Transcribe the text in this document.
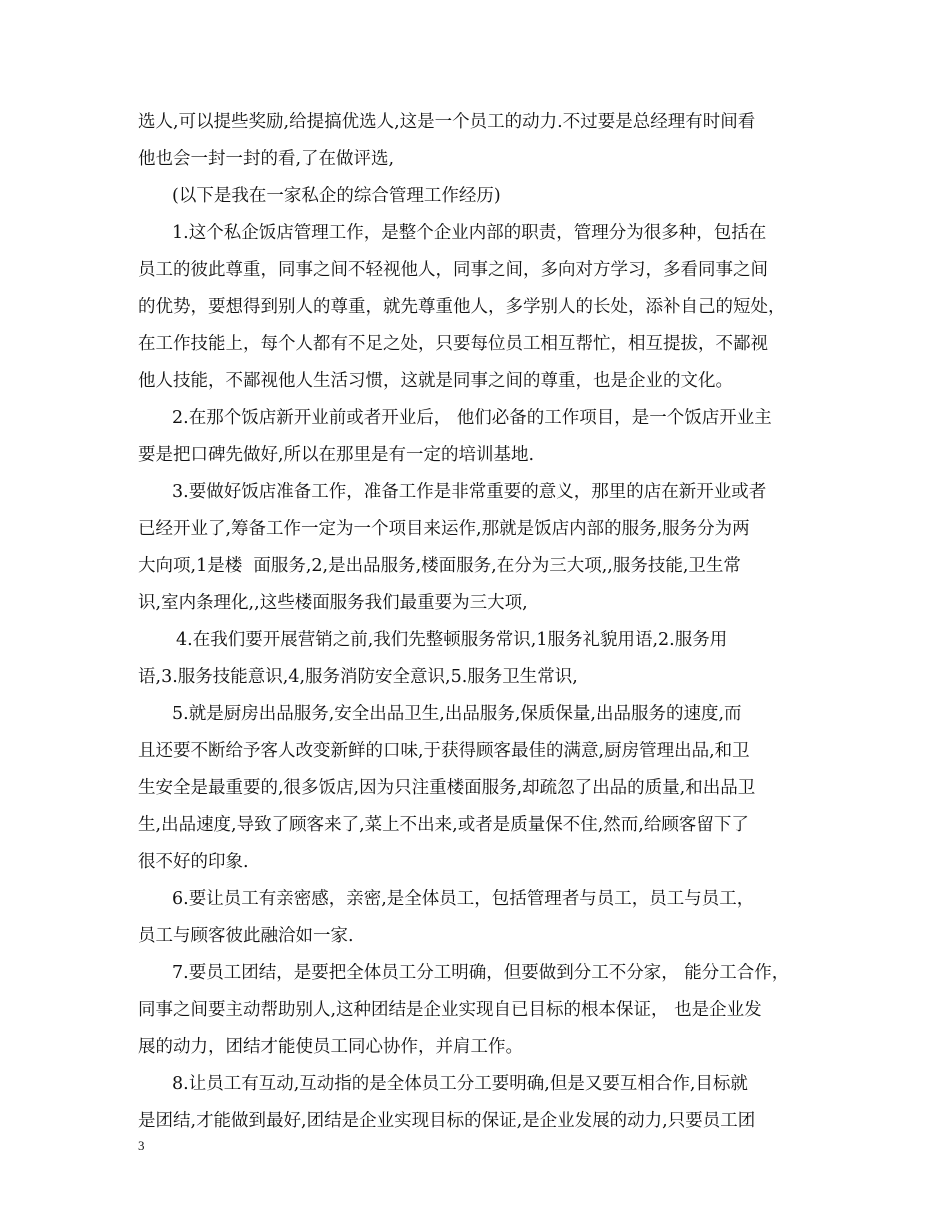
选人,可以提些奖励,给提搞优选人,这是一个员工的动力.不过要是总经理有时间看
他也会一封一封的看,了在做评选,
(以下是我在一家私企的综合管理工作经历)
1.这个私企饭店管理工作，是整个企业内部的职责，管理分为很多种，包括在
员工的彼此尊重，同事之间不轻视他人，同事之间，多向对方学习，多看同事之间
的优势，要想得到别人的尊重，就先尊重他人，多学别人的长处，添补自己的短处，
在工作技能上，每个人都有不足之处，只要每位员工相互帮忙，相互提拔，不鄙视
他人技能，不鄙视他人生活习惯，这就是同事之间的尊重，也是企业的文化。
2.在那个饭店新开业前或者开业后， 他们必备的工作项目，是一个饭店开业主
要是把口碑先做好,所以在那里是有一定的培训基地.
3.要做好饭店准备工作，准备工作是非常重要的意义，那里的店在新开业或者
已经开业了,筹备工作一定为一个项目来运作,那就是饭店内部的服务,服务分为两
大向项,1是楼  面服务,2,是出品服务,楼面服务,在分为三大项,,服务技能,卫生常
识,室内条理化,,这些楼面服务我们最重要为三大项,
4.在我们要开展营销之前,我们先整顿服务常识,1服务礼貌用语,2.服务用
语,3.服务技能意识,4,服务消防安全意识,5.服务卫生常识,
5.就是厨房出品服务,安全出品卫生,出品服务,保质保量,出品服务的速度,而
且还要不断给予客人改变新鲜的口味,于获得顾客最佳的满意,厨房管理出品,和卫
生安全是最重要的,很多饭店,因为只注重楼面服务,却疏忽了出品的质量,和出品卫
生,出品速度,导致了顾客来了,菜上不出来,或者是质量保不住,然而,给顾客留下了
很不好的印象.
6.要让员工有亲密感，亲密,是全体员工，包括管理者与员工，员工与员工，
员工与顾客彼此融洽如一家.
7.要员工团结，是要把全体员工分工明确，但要做到分工不分家， 能分工合作，
同事之间要主动帮助别人,这种团结是企业实现自已目标的根本保证， 也是企业发
展的动力，团结才能使员工同心协作，并肩工作。
8.让员工有互动,互动指的是全体员工分工要明确,但是又要互相合作,目标就
是团结,才能做到最好,团结是企业实现目标的保证,是企业发展的动力,只要员工团
3
